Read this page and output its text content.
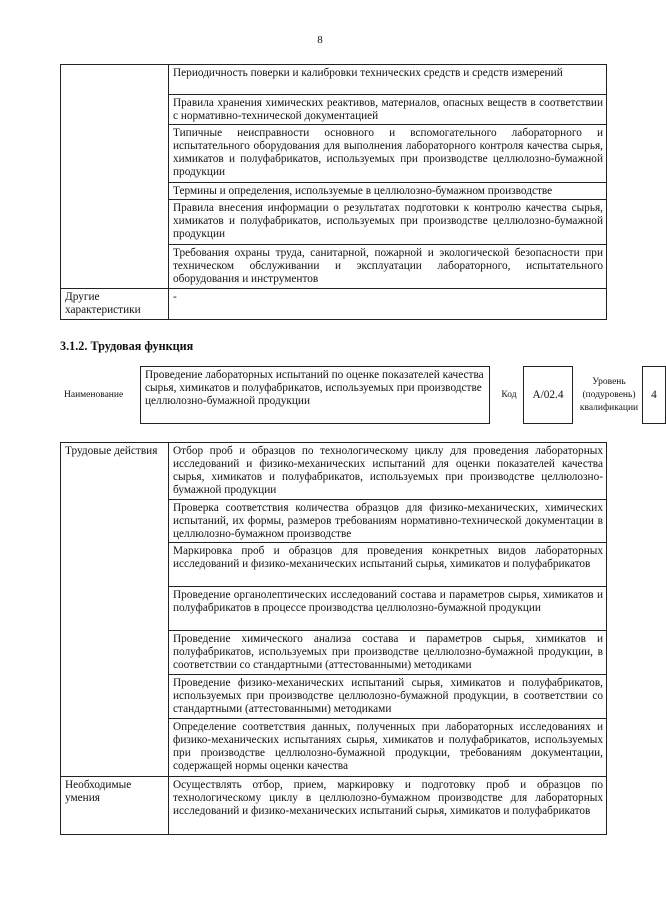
8
	Периодичность поверки и калибровки технических средств и средств измерений
	Правила хранения химических реактивов, материалов, опасных веществ в соответствии с нормативно-технической документацией
	Типичные неисправности основного и вспомогательного лабораторного и испытательного оборудования для выполнения лабораторного контроля качества сырья, химикатов и полуфабрикатов, используемых при производстве целлюлозно-бумажной продукции
	Термины и определения, используемые в целлюлозно-бумажном производстве
	Правила внесения информации о результатах подготовки к контролю качества сырья, химикатов и полуфабрикатов, используемых при производстве целлюлозно-бумажной продукции
	Требования охраны труда, санитарной, пожарной и экологической безопасности при техническом обслуживании и эксплуатации лабораторного, испытательного оборудования и инструментов
Другие характеристики	-
3.1.2. Трудовая функция
Наименование
Проведение лабораторных испытаний по оценке показателей качества сырья, химикатов и полуфабрикатов, используемых при производстве целлюлозно-бумажной продукции	Код	А/02.4
Уровень (подуровень) квалификации
4
Трудовые действия	Отбор проб и образцов по технологическому циклу для проведения лабораторных исследований и физико-механических испытаний для оценки показателей качества сырья, химикатов и полуфабрикатов, используемых при производстве целлюлозно-бумажной продукции
	Проверка соответствия количества образцов для физико-механических, химических испытаний, их формы, размеров требованиям нормативно-технической документации в целлюлозно-бумажном производстве
	Маркировка проб и образцов для проведения конкретных видов лабораторных исследований и физико-механических испытаний сырья, химикатов и полуфабрикатов
	Проведение органолептических исследований состава и параметров сырья, химикатов и полуфабрикатов в процессе производства целлюлозно-бумажной продукции
	Проведение химического анализа состава и параметров сырья, химикатов и полуфабрикатов, используемых при производстве целлюлозно-бумажной продукции, в соответствии со стандартными (аттестованными) методиками
	Проведение физико-механических испытаний сырья, химикатов и полуфабрикатов, используемых при производстве целлюлозно-бумажной продукции, в соответствии со стандартными (аттестованными) методиками
	Определение соответствия данных, полученных при лабораторных исследованиях и физико-механических испытаниях сырья, химикатов и полуфабрикатов, используемых при производстве целлюлозно-бумажной продукции, требованиям документации, содержащей нормы оценки качества
Необходимые умения	Осуществлять отбор, прием, маркировку и подготовку проб и образцов по технологическому циклу в целлюлозно-бумажном производстве для лабораторных исследований и физико-механических испытаний сырья, химикатов и полуфабрикатов
